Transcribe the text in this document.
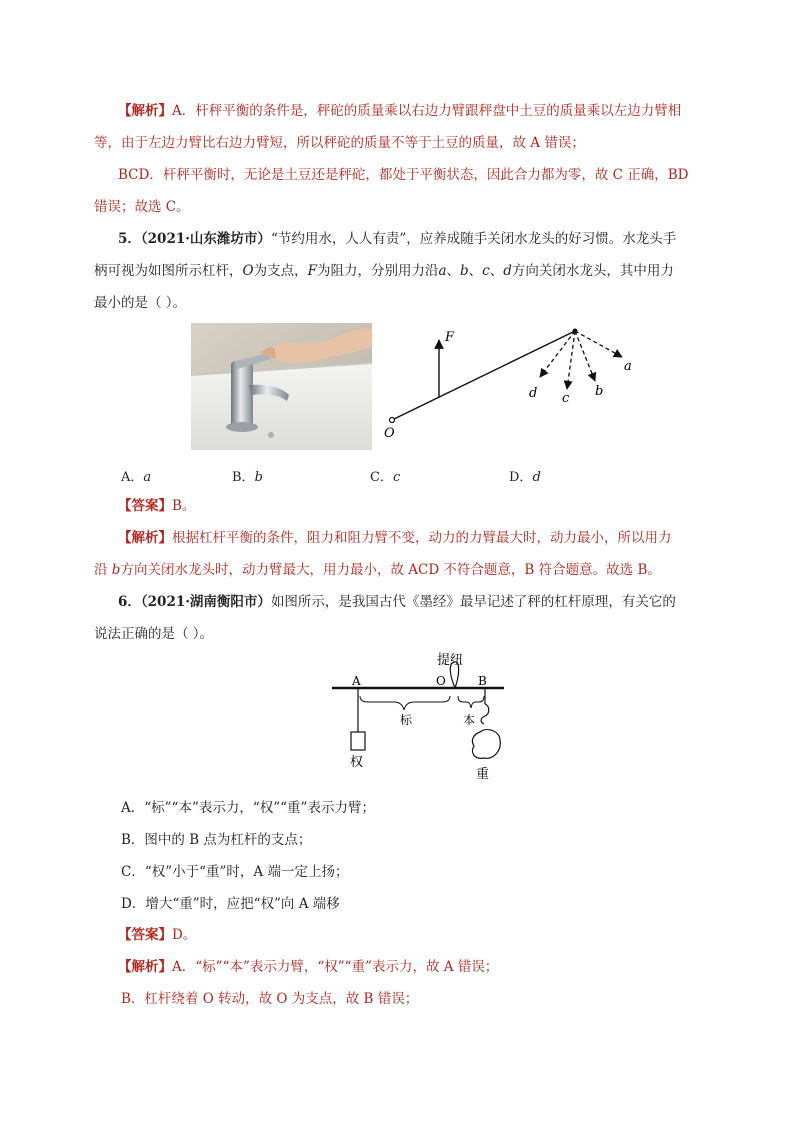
【解析】A．杆秤平衡的条件是，秤砣的质量乘以右边力臂跟秤盘中土豆的质量乘以左边力臂相
等，由于左边力臂比右边力臂短，所以秤砣的质量不等于土豆的质量，故 A 错误；
BCD．杆秤平衡时，无论是土豆还是秤砣，都处于平衡状态，因此合力都为零，故 C 正确，BD
错误；故选 C。
5．（2021·山东潍坊市）“节约用水，人人有责”，应养成随手关闭水龙头的好习惯。水龙头手
柄可视为如图所示杠杆，O为支点，F为阻力，分别用力沿a、b、c、d方向关闭水龙头，其中用力
最小的是（ ）。
F
O
a
b
c
d
A．a	B．b	C．c	D．d
【答案】B。
【解析】根据杠杆平衡的条件，阻力和阻力臂不变，动力的力臂最大时，动力最小，所以用力
沿 b方向关闭水龙头时，动力臂最大，用力最小，故 ACD 不符合题意，B 符合题意。故选 B。
6．（2021·湖南衡阳市）如图所示，是我国古代《墨经》最早记述了秤的杠杆原理，有关它的
说法正确的是（ ）。
提纽
A	O	B
标	本
权
重
A．“标”“本”表示力，“权”“重”表示力臂；
B．图中的 B 点为杠杆的支点；
C．“权”小于“重”时，A 端一定上扬；
D．增大“重”时，应把“权”向 A 端移
【答案】D。
【解析】A．“标”“本”表示力臂，“权”“重”表示力，故 A 错误；
B．杠杆绕着 O 转动，故 O 为支点，故 B 错误；
